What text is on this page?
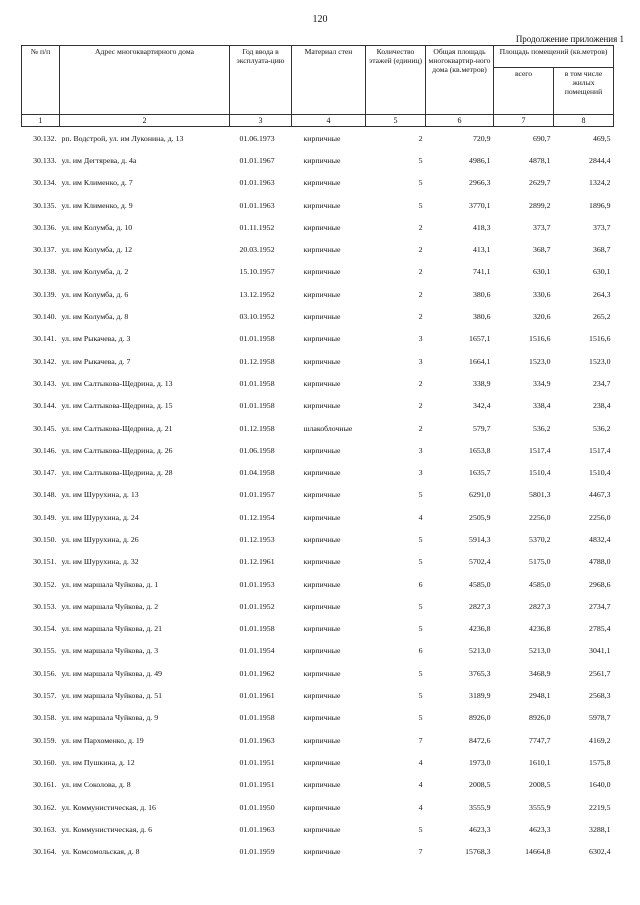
120
Продолжение приложения 1
№ п/п	Адрес многоквартирного дома	Год ввода в эксплуата-цию	Материал стен	Количество этажей (единиц)	Общая площадь многоквартир-ного дома (кв.метров)	Площадь помещений (кв.метров)	
						всего	в том числе жилых помещений
1	2	3	4	5	6	7	8
30.132.	рп. Водстрой, ул. им Луконина, д. 13	01.06.1973	кирпичные	2	720,9	690,7	469,5
30.133.	ул. им Дегтярева, д. 4а	01.01.1967	кирпичные	5	4986,1	4878,1	2844,4
30.134.	ул. им Клименко, д. 7	01.01.1963	кирпичные	5	2966,3	2629,7	1324,2
30.135.	ул. им Клименко, д. 9	01.01.1963	кирпичные	5	3770,1	2899,2	1896,9
30.136.	ул. им Колумба, д. 10	01.11.1952	кирпичные	2	418,3	373,7	373,7
30.137.	ул. им Колумба, д. 12	20.03.1952	кирпичные	2	413,1	368,7	368,7
30.138.	ул. им Колумба, д. 2	15.10.1957	кирпичные	2	741,1	630,1	630,1
30.139.	ул. им Колумба, д. 6	13.12.1952	кирпичные	2	380,6	330,6	264,3
30.140.	ул. им Колумба, д. 8	03.10.1952	кирпичные	2	380,6	320,6	265,2
30.141.	ул. им Рыкачева, д. 3	01.01.1958	кирпичные	3	1657,1	1516,6	1516,6
30.142.	ул. им Рыкачева, д. 7	01.12.1958	кирпичные	3	1664,1	1523,0	1523,0
30.143.	ул. им Салтыкова-Щедрина, д. 13	01.01.1958	кирпичные	2	338,9	334,9	234,7
30.144.	ул. им Салтыкова-Щедрина, д. 15	01.01.1958	кирпичные	2	342,4	338,4	238,4
30.145.	ул. им Салтыкова-Щедрина, д. 21	01.12.1958	шлакоблочные	2	579,7	536,2	536,2
30.146.	ул. им Салтыкова-Щедрина, д. 26	01.06.1958	кирпичные	3	1653,8	1517,4	1517,4
30.147.	ул. им Салтыкова-Щедрина, д. 28	01.04.1958	кирпичные	3	1635,7	1510,4	1510,4
30.148.	ул. им Шурухина, д. 13	01.01.1957	кирпичные	5	6291,0	5801,3	4467,3
30.149.	ул. им Шурухина, д. 24	01.12.1954	кирпичные	4	2505,9	2256,0	2256,0
30.150.	ул. им Шурухина, д. 26	01.12.1953	кирпичные	5	5914,3	5370,2	4832,4
30.151.	ул. им Шурухина, д. 32	01.12.1961	кирпичные	5	5702,4	5175,0	4788,0
30.152.	ул. им маршала Чуйкова, д. 1	01.01.1953	кирпичные	6	4585,0	4585,0	2968,6
30.153.	ул. им маршала Чуйкова, д. 2	01.01.1952	кирпичные	5	2827,3	2827,3	2734,7
30.154.	ул. им маршала Чуйкова, д. 21	01.01.1958	кирпичные	5	4236,8	4236,8	2785,4
30.155.	ул. им маршала Чуйкова, д. 3	01.01.1954	кирпичные	6	5213,0	5213,0	3041,1
30.156.	ул. им маршала Чуйкова, д. 49	01.01.1962	кирпичные	5	3765,3	3468,9	2561,7
30.157.	ул. им маршала Чуйкова, д. 51	01.01.1961	кирпичные	5	3189,9	2948,1	2568,3
30.158.	ул. им маршала Чуйкова, д. 9	01.01.1958	кирпичные	5	8926,0	8926,0	5978,7
30.159.	ул. им Пархоменко, д. 19	01.01.1963	кирпичные	7	8472,6	7747,7	4169,2
30.160.	ул. им Пушкина, д. 12	01.01.1951	кирпичные	4	1973,0	1610,1	1575,8
30.161.	ул. им Соколова, д. 8	01.01.1951	кирпичные	4	2008,5	2008,5	1640,0
30.162.	ул. Коммунистическая, д. 16	01.01.1950	кирпичные	4	3555,9	3555,9	2219,5
30.163.	ул. Коммунистическая, д. 6	01.01.1963	кирпичные	5	4623,3	4623,3	3288,1
30.164.	ул. Комсомольская, д. 8	01.01.1959	кирпичные	7	15768,3	14664,8	6302,4
